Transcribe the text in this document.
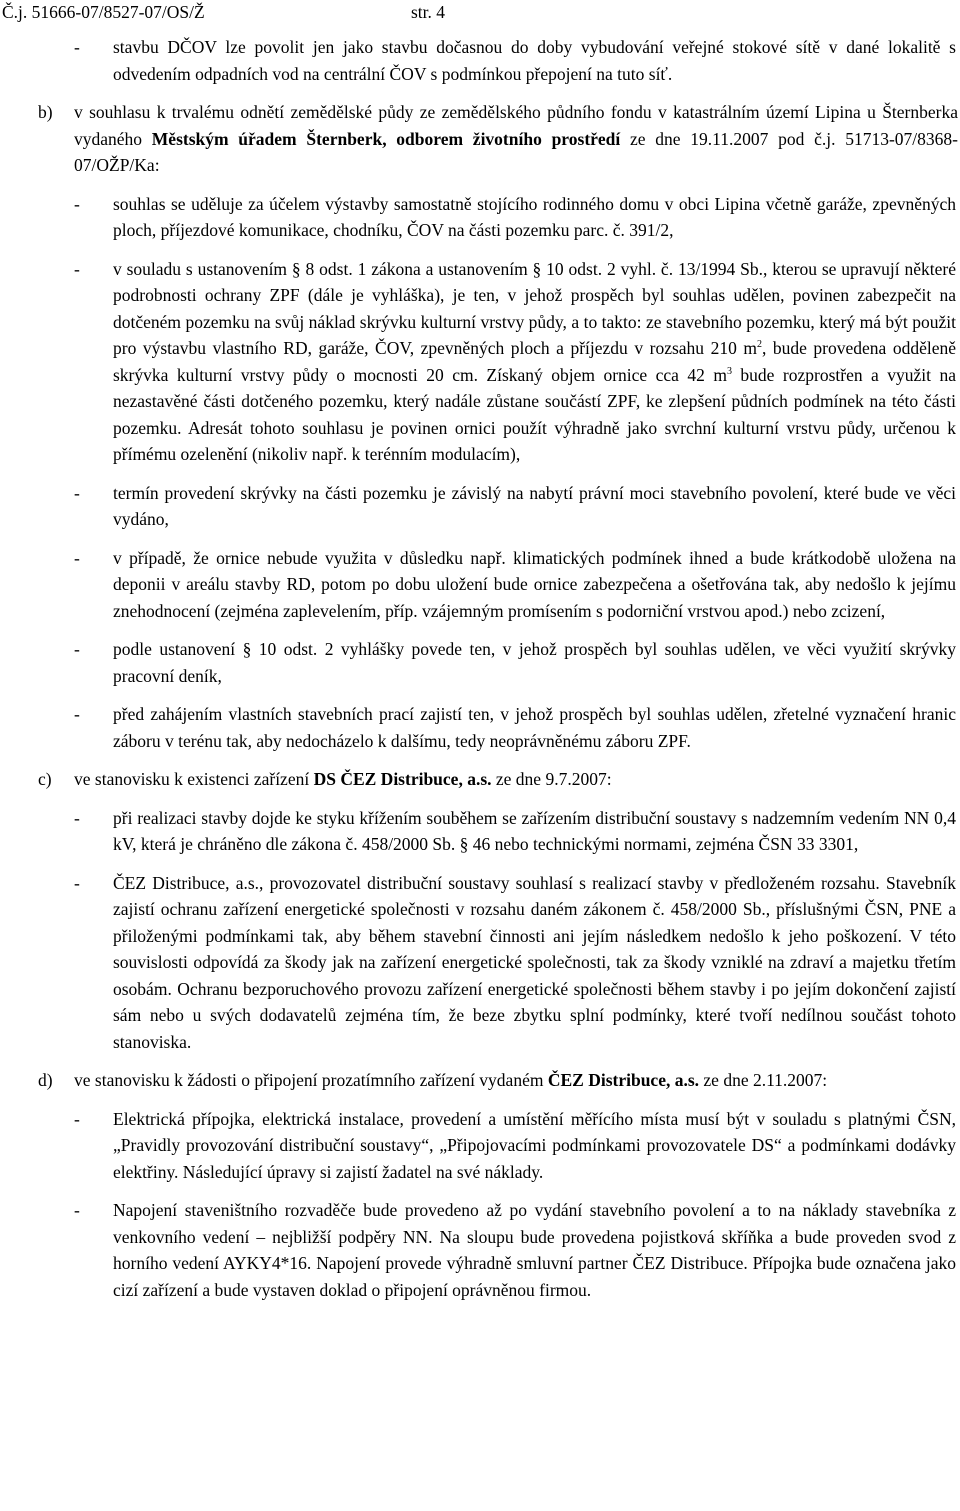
Č.j. 51666-07/8527-07/OS/Ž	str. 4
- stavbu DČOV lze povolit jen jako stavbu dočasnou do doby vybudování veřejné stokové sítě v dané lokalitě s odvedením odpadních vod na centrální ČOV s podmínkou přepojení na tuto síť.
b) v souhlasu k trvalému odnětí zemědělské půdy ze zemědělského půdního fondu v katastrálním území Lipina u Šternberka vydaného Městským úřadem Šternberk, odborem životního prostředí ze dne 19.11.2007 pod č.j. 51713-07/8368-07/OŽP/Ka:
- souhlas se uděluje za účelem výstavby samostatně stojícího rodinného domu v obci Lipina včetně garáže, zpevněných ploch, příjezdové komunikace, chodníku, ČOV na části pozemku parc. č. 391/2,
- v souladu s ustanovením § 8 odst. 1 zákona a ustanovením § 10 odst. 2 vyhl. č. 13/1994 Sb., kterou se upravují některé podrobnosti ochrany ZPF (dále je vyhláška), je ten, v jehož prospěch byl souhlas udělen, povinen zabezpečit na dotčeném pozemku na svůj náklad skrývku kulturní vrstvy půdy, a to takto: ze stavebního pozemku, který má být použit pro výstavbu vlastního RD, garáže, ČOV, zpevněných ploch a příjezdu v rozsahu 210 $m^2$, bude provedena odděleně skrývka kulturní vrstvy půdy o mocnosti 20 cm. Získaný objem ornice cca 42 $m^3$ bude rozprostřen a využit na nezastavěné části dotčeného pozemku, který nadále zůstane součástí ZPF, ke zlepšení půdních podmínek na této části pozemku. Adresát tohoto souhlasu je povinen ornici použít výhradně jako svrchní kulturní vrstvu půdy, určenou k přímému ozelenění (nikoliv např. k terénním modulacím),
- termín provedení skrývky na části pozemku je závislý na nabytí právní moci stavebního povolení, které bude ve věci vydáno,
- v případě, že ornice nebude využita v důsledku např. klimatických podmínek ihned a bude krátkodobě uložena na deponii v areálu stavby RD, potom po dobu uložení bude ornice zabezpečena a ošetřována tak, aby nedošlo k jejímu znehodnocení (zejména zaplevelením, příp. vzájemným promísením s podorniční vrstvou apod.) nebo zcizení,
- podle ustanovení § 10 odst. 2 vyhlášky povede ten, v jehož prospěch byl souhlas udělen, ve věci využití skrývky pracovní deník,
- před zahájením vlastních stavebních prací zajistí ten, v jehož prospěch byl souhlas udělen, zřetelné vyznačení hranic záboru v terénu tak, aby nedocházelo k dalšímu, tedy neoprávněnému záboru ZPF.
c) ve stanovisku k existenci zařízení DS ČEZ Distribuce, a.s. ze dne 9.7.2007:
- při realizaci stavby dojde ke styku křížením souběhem se zařízením distribuční soustavy s nadzemním vedením NN 0,4 kV, která je chráněno dle zákona č. 458/2000 Sb. § 46 nebo technickými normami, zejména ČSN 33 3301,
- ČEZ Distribuce, a.s., provozovatel distribuční soustavy souhlasí s realizací stavby v předloženém rozsahu. Stavebník zajistí ochranu zařízení energetické společnosti v rozsahu daném zákonem č. 458/2000 Sb., příslušnými ČSN, PNE a přiloženými podmínkami tak, aby během stavební činnosti ani jejím následkem nedošlo k jeho poškození. V této souvislosti odpovídá za škody jak na zařízení energetické společnosti, tak za škody vzniklé na zdraví a majetku třetím osobám. Ochranu bezporuchového provozu zařízení energetické společnosti během stavby i po jejím dokončení zajistí sám nebo u svých dodavatelů zejména tím, že beze zbytku splní podmínky, které tvoří nedílnou součást tohoto stanoviska.
d) ve stanovisku k žádosti o připojení prozatímního zařízení vydaném ČEZ Distribuce, a.s. ze dne 2.11.2007:
- Elektrická přípojka, elektrická instalace, provedení a umístění měřícího místa musí být v souladu s platnými ČSN, „Pravidly provozování distribuční soustavy“, „Připojovacími podmínkami provozovatele DS“ a podmínkami dodávky elektřiny. Následující úpravy si zajistí žadatel na své náklady.
- Napojení staveništního rozvaděče bude provedeno až po vydání stavebního povolení a to na náklady stavebníka z venkovního vedení – nejbližší podpěry NN. Na sloupu bude provedena pojistková skříňka a bude proveden svod z horního vedení AYKY4*16. Napojení provede výhradně smluvní partner ČEZ Distribuce. Přípojka bude označena jako cizí zařízení a bude vystaven doklad o připojení oprávněnou firmou.
